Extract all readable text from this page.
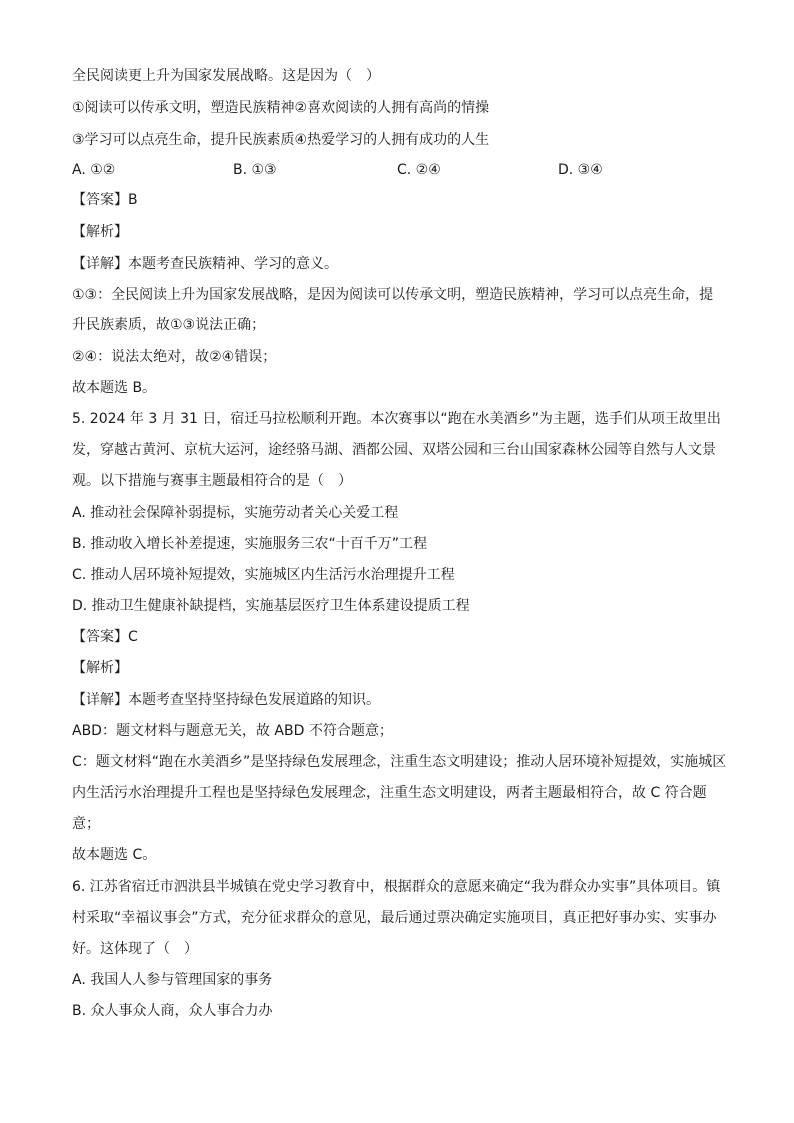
全民阅读更上升为国家发展战略。这是因为（　）
①阅读可以传承文明，塑造民族精神②喜欢阅读的人拥有高尚的情操
③学习可以点亮生命，提升民族素质④热爱学习的人拥有成功的人生
A. ①②	B. ①③	C. ②④	D. ③④
【答案】B
【解析】
【详解】本题考查民族精神、学习的意义。
①③：全民阅读上升为国家发展战略，是因为阅读可以传承文明，塑造民族精神，学习可以点亮生命，提
升民族素质，故①③说法正确；
②④：说法太绝对，故②④错误；
故本题选 B。
5. 2024 年 3 月 31 日，宿迁马拉松顺利开跑。本次赛事以“跑在水美酒乡”为主题，选手们从项王故里出
发，穿越古黄河、京杭大运河，途经骆马湖、酒都公园、双塔公园和三台山国家森林公园等自然与人文景
观。以下措施与赛事主题最相符合的是（　）
A. 推动社会保障补弱提标，实施劳动者关心关爱工程
B. 推动收入增长补差提速，实施服务三农“十百千万”工程
C. 推动人居环境补短提效，实施城区内生活污水治理提升工程
D. 推动卫生健康补缺提档，实施基层医疗卫生体系建设提质工程
【答案】C
【解析】
【详解】本题考查坚持坚持绿色发展道路的知识。
ABD：题文材料与题意无关，故 ABD 不符合题意；
C：题文材料“跑在水美酒乡”是坚持绿色发展理念，注重生态文明建设；推动人居环境补短提效，实施城区
内生活污水治理提升工程也是坚持绿色发展理念，注重生态文明建设，两者主题最相符合，故 C 符合题
意；
故本题选 C。
6. 江苏省宿迁市泗洪县半城镇在党史学习教育中，根据群众的意愿来确定“我为群众办实事”具体项目。镇
村采取“幸福议事会”方式，充分征求群众的意见，最后通过票决确定实施项目，真正把好事办实、实事办
好。这体现了（　）
A. 我国人人参与管理国家的事务
B. 众人事众人商，众人事合力办
